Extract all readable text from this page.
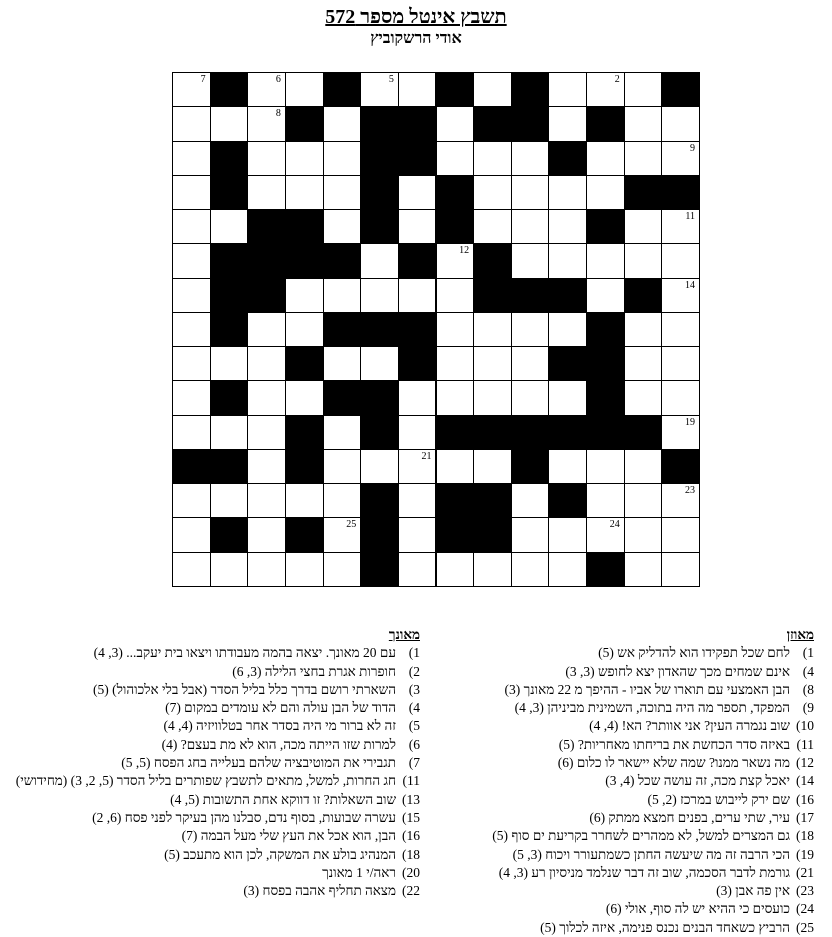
תשבץ אינטל מספר 572
אודי הרשקוביץ
7	6	5	4	3	2	1
8
9
10
11
13	12
15	14
16
17
18
20	19
22	21
23
25	24
מאוזן
1)לחם שכל תפקידו הוא להדליק אש (5)
4)אינם שמחים מכך שהאדון יצא לחופש (3, 3)
8)הבן האמצעי עם תוארו של אביו - ההיפך מ 22 מאונך (3)
9)המפקד, תספר מה היה בתוכה, השמינית מביניהן (3, 4)
10)שוב נגמרה העין? אני אוותר? הא! (4, 4)
11)באיזה סדר הכחשת את בריחתו מאחריות? (5)
12)מה נשאר ממנו? שמה שלא יישאר לו כלום (6)
14)יאכל קצת מכה, זה עושה שכל (4, 3)
16)שם ירק לייבוש במרכז (2, 5)
17)עיר, שתי ערים, בפנים חמצא ממתק (6)
18)גם המצרים למשל, לא ממהרים לשחרר בקריעת ים סוף (5)
19)הכי הרבה זה מה שיעשה החתן כשמתעורר ויכוח (3, 5)
21)גורמת לדבר הסכמה, שוב זה דבר שנלמד מניסיון רע (3, 4)
23)אין פה אבן (3)
24)כועסים כי ההיא יש לה סוף, אולי (6)
25)הרביץ כשאחד הבנים נכנס פנימה, איזה לכלוך (5)
מאונך
1)עם 20 מאונך. יצאה בהמה מעבודתו ויצאו בית יעקב... (3, 4)
2)חופרות אגרת בחצי הלילה (3, 6)
3)השארתי רושם בדרך כלל בליל הסדר (אבל בלי אלכוהול) (5)
4)הדוד של הבן עולה והם לא עומדים במקום (7)
5)זה לא ברור מי היה בסדר אחר בטלוויזיה (4, 4)
6)למרות שזו הייתה מכה, הוא לא מת בעצם? (4)
7)תגבירי את המוטיבציה שלהם בעלייה בחג הפסח (5, 5)
11)חג החרות, למשל, מתאים לתשבץ שפותרים בליל הסדר (5, 2, 3) (מחידושי)
13)שוב השאלות? זו דווקא אחת התשובות (5, 4)
15)עשרה שבועות, בסוף נדם, סבלנו מהן בעיקר לפני פסח (6, 2)
16)הבן, הוא אכל את העץ שלי מעל הבמה (7)
18)המנהיג בולע את המשקה, לכן הוא מתעכב (5)
20)ראה/י 1 מאונך
22)מצאה תחליף אהבה בפסח (3)
